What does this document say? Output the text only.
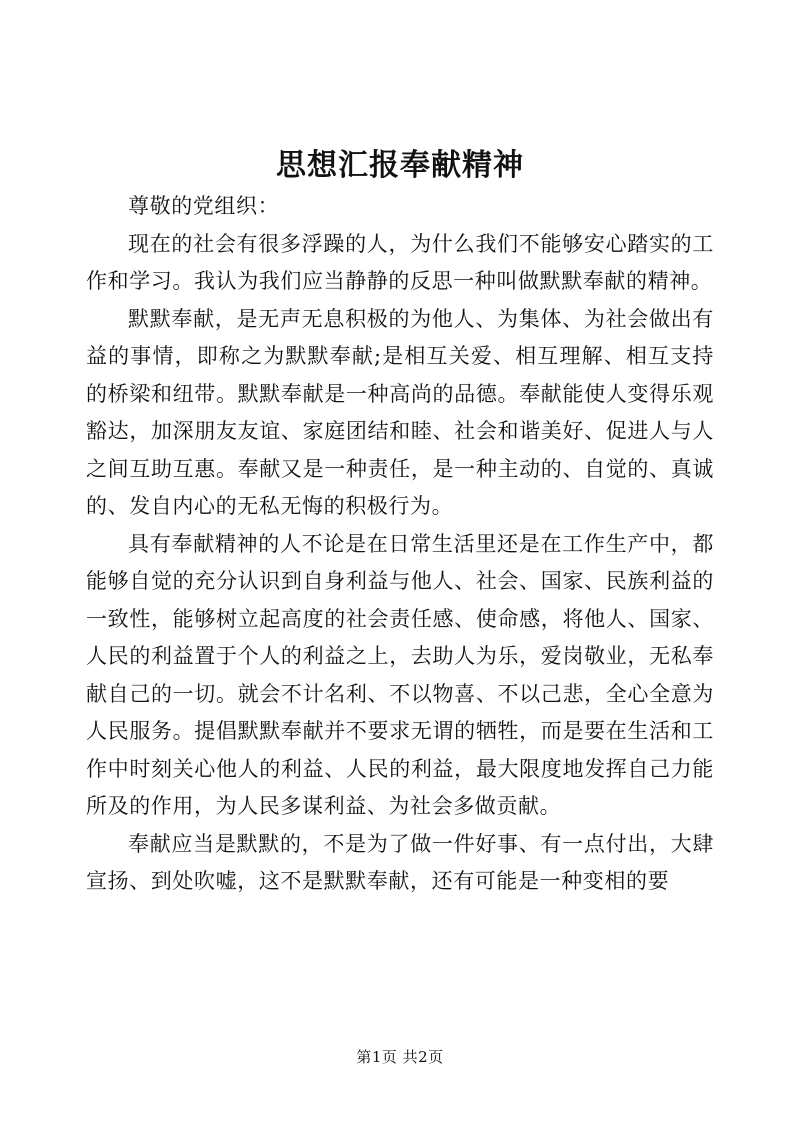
思想汇报奉献精神

尊敬的党组织：

现在的社会有很多浮躁的人，为什么我们不能够安心踏实的工作和学习。我认为我们应当静静的反思一种叫做默默奉献的精神。

默默奉献，是无声无息积极的为他人、为集体、为社会做出有益的事情，即称之为默默奉献;是相互关爱、相互理解、相互支持的桥梁和纽带。默默奉献是一种高尚的品德。奉献能使人变得乐观豁达，加深朋友友谊、家庭团结和睦、社会和谐美好、促进人与人之间互助互惠。奉献又是一种责任，是一种主动的、自觉的、真诚的、发自内心的无私无悔的积极行为。

具有奉献精神的人不论是在日常生活里还是在工作生产中，都能够自觉的充分认识到自身利益与他人、社会、国家、民族利益的一致性，能够树立起高度的社会责任感、使命感，将他人、国家、人民的利益置于个人的利益之上，去助人为乐，爱岗敬业，无私奉献自己的一切。就会不计名利、不以物喜、不以己悲，全心全意为人民服务。提倡默默奉献并不要求无谓的牺牲，而是要在生活和工作中时刻关心他人的利益、人民的利益，最大限度地发挥自己力能所及的作用，为人民多谋利益、为社会多做贡献。

奉献应当是默默的，不是为了做一件好事、有一点付出，大肆宣扬、到处吹嘘，这不是默默奉献，还有可能是一种变相的要

第1页 共2页
